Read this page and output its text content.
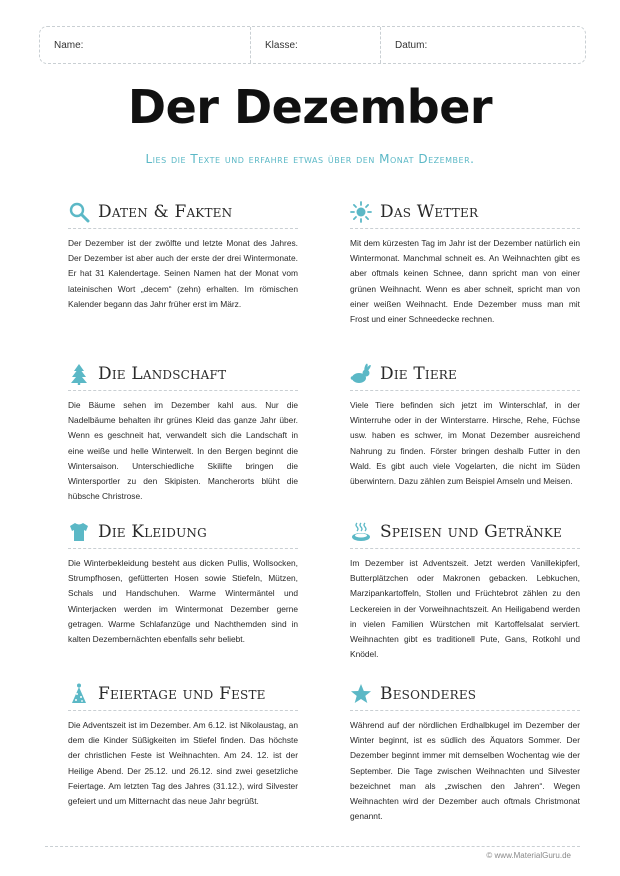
Name:	Klasse:	Datum:
Der Dezember
Lies die Texte und erfahre etwas über den Monat Dezember.
Daten & Fakten

Der Dezember ist der zwölfte und letzte Monat des Jahres. Der Dezember ist aber auch der erste der drei Wintermonate. Er hat 31 Kalendertage. Seinen Namen hat der Monat vom lateinischen Wort „decem“ (zehn) erhalten. Im römischen Kalender begann das Jahr früher erst im März.

Das Wetter

Mit dem kürzesten Tag im Jahr ist der Dezember natürlich ein Wintermonat. Manchmal schneit es. An Weihnachten gibt es aber oftmals keinen Schnee, dann spricht man von einer grünen Weihnacht. Wenn es aber schneit, spricht man von einer weißen Weihnacht. Ende Dezember muss man mit Frost und einer Schneedecke rechnen.

Die Landschaft

Die Bäume sehen im Dezember kahl aus. Nur die Nadelbäume behalten ihr grünes Kleid das ganze Jahr über. Wenn es geschneit hat, verwandelt sich die Landschaft in eine weiße und helle Winterwelt. In den Bergen beginnt die Wintersaison. Unterschiedliche Skilifte bringen die Wintersportler zu den Skipisten. Mancherorts blüht die hübsche Christrose.

Die Tiere

Viele Tiere befinden sich jetzt im Winterschlaf, in der Winterruhe oder in der Winterstarre. Hirsche, Rehe, Füchse usw. haben es schwer, im Monat Dezember ausreichend Nahrung zu finden. Förster bringen deshalb Futter in den Wald. Es gibt auch viele Vogelarten, die nicht im Süden überwintern. Dazu zählen zum Beispiel Amseln und Meisen.

Die Kleidung

Die Winterbekleidung besteht aus dicken Pullis, Wollsocken, Strumpfhosen, gefütterten Hosen sowie Stiefeln, Mützen, Schals und Handschuhen. Warme Wintermäntel und Winterjacken werden im Wintermonat Dezember gerne getragen. Warme Schlafanzüge und Nachthemden sind in kalten Dezembernächten ebenfalls sehr beliebt.

Speisen und Getränke

Im Dezember ist Adventszeit. Jetzt werden Vanillekipferl, Butterplätzchen oder Makronen gebacken. Lebkuchen, Marzipankartoffeln, Stollen und Früchtebrot zählen zu den Leckereien in der Vorweihnachtszeit. An Heiligabend werden in vielen Familien Würstchen mit Kartoffelsalat serviert. Weihnachten gibt es traditionell Pute, Gans, Rotkohl und Knödel.

Feiertage und Feste

Die Adventszeit ist im Dezember. Am 6.12. ist Nikolaustag, an dem die Kinder Süßigkeiten im Stiefel finden. Das höchste der christlichen Feste ist Weihnachten. Am 24. 12. ist der Heilige Abend. Der 25.12. und 26.12. sind zwei gesetzliche Feiertage. Am letzten Tag des Jahres (31.12.), wird Silvester gefeiert und um Mitternacht das neue Jahr begrüßt.

Besonderes

Während auf der nördlichen Erdhalbkugel im Dezember der Winter beginnt, ist es südlich des Äquators Sommer. Der Dezember beginnt immer mit demselben Wochentag wie der September. Die Tage zwischen Weihnachten und Silvester bezeichnet man als „zwischen den Jahren“. Wegen Weihnachten wird der Dezember auch oftmals Christmonat genannt.

© www.MaterialGuru.de
